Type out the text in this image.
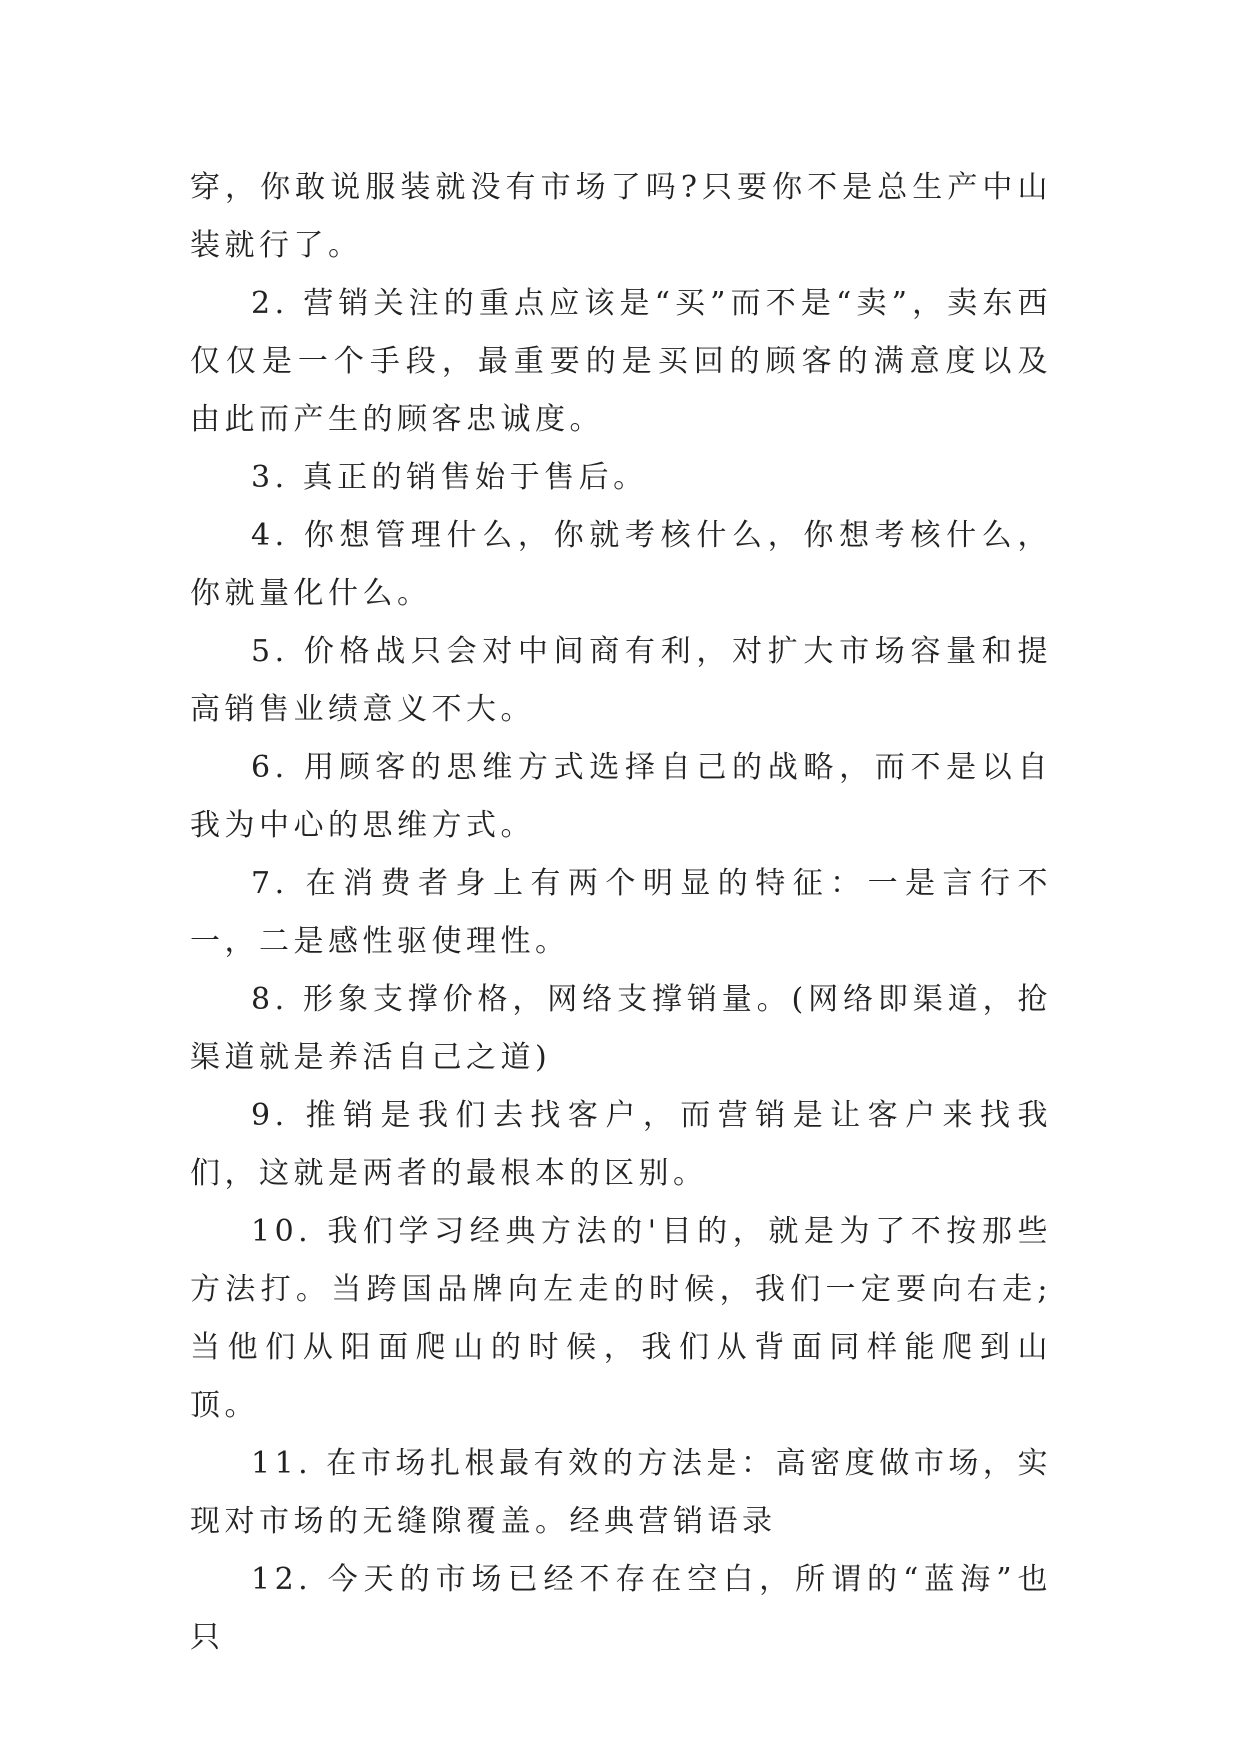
穿，你敢说服装就没有市场了吗?只要你不是总生产中山装就行了。

2. 营销关注的重点应该是“买”而不是“卖”，卖东西仅仅是一个手段，最重要的是买回的顾客的满意度以及由此而产生的顾客忠诚度。

3. 真正的销售始于售后。

4. 你想管理什么，你就考核什么，你想考核什么，你就量化什么。

5. 价格战只会对中间商有利，对扩大市场容量和提高销售业绩意义不大。

6. 用顾客的思维方式选择自己的战略，而不是以自我为中心的思维方式。

7. 在消费者身上有两个明显的特征：一是言行不一，二是感性驱使理性。

8. 形象支撑价格，网络支撑销量。(网络即渠道，抢渠道就是养活自己之道)

9. 推销是我们去找客户，而营销是让客户来找我们，这就是两者的最根本的区别。

10. 我们学习经典方法的'目的，就是为了不按那些方法打。当跨国品牌向左走的时候，我们一定要向右走;当他们从阳面爬山的时候，我们从背面同样能爬到山顶。

11. 在市场扎根最有效的方法是：高密度做市场，实现对市场的无缝隙覆盖。经典营销语录

12. 今天的市场已经不存在空白，所谓的“蓝海”也只
